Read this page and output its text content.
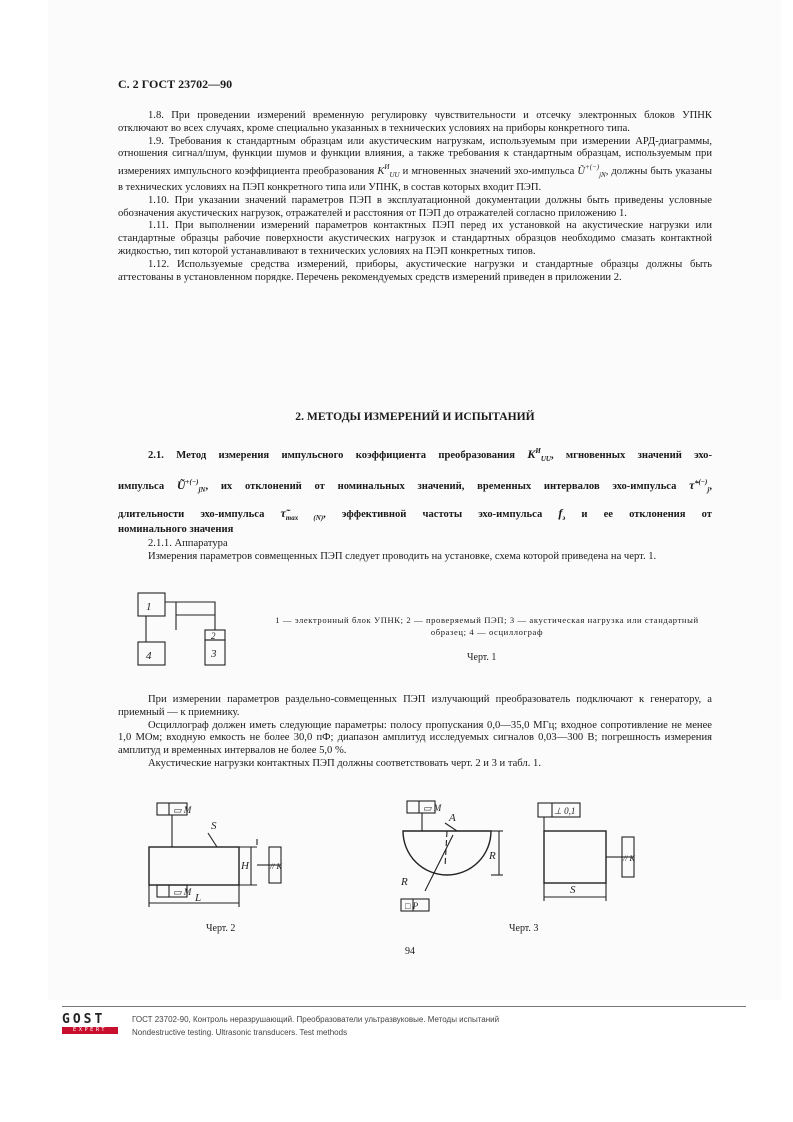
С. 2 ГОСТ 23702—90

1.8. При проведении измерений временную регулировку чувствительности и отсечку электронных блоков УПНК отключают во всех случаях, кроме специально указанных в технических условиях на приборы конкретного типа.

1.9. Требования к стандартным образцам или акустическим нагрузкам, используемым при измерении АРД-диаграммы, отношения сигнал/шум, функции шумов и функции влияния, а также требования к стандартным образцам, используемым при измерениях импульсного коэффициента преобразования $K^И_{UU}$ и мгновенных значений эхо-импульса $Ũ^{+(-)}_{jN}$, должны быть указаны в технических условиях на ПЭП конкретного типа или УПНК, в состав которых входит ПЭП.

1.10. При указании значений параметров ПЭП в эксплуатационной документации должны быть приведены условные обозначения акустических нагрузок, отражателей и расстояния от ПЭП до отражателей согласно приложению 1.

1.11. При выполнении измерений параметров контактных ПЭП перед их установкой на акустические нагрузки или стандартные образцы рабочие поверхности акустических нагрузок и стандартных образцов необходимо смазать контактной жидкостью, тип которой устанавливают в технических условиях на ПЭП конкретных типов.

1.12. Используемые средства измерений, приборы, акустические нагрузки и стандартные образцы должны быть аттестованы в установленном порядке. Перечень рекомендуемых средств измерений приведен в приложении 2.

2. МЕТОДЫ ИЗМЕРЕНИЙ И ИСПЫТАНИЙ
2.1. Метод измерения импульсного коэффициента преобразования $K^И_{UU}$, мгновенных значений эхо-
импульса $Ũ^{+(-)}_{jN}$, их отклонений от номинальных значений, временных интервалов эхо-импульса $\taũ^{+(-)}_j$,
длительности эхо-импульса $\taũ_{max (N)}$, эффективной частоты эхо-импульса $f_э$ и ее отклонения от
номинального значения

2.1.1. Аппаратура

Измерения параметров совмещенных ПЭП следует проводить на установке, схема которой приведена на черт. 1.

1
4
2
3
1 — электронный блок УПНК; 2 — проверяемый ПЭП; 3 — акустическая нагрузка или стандартный образец; 4 — осциллограф
Черт. 1

При измерении параметров раздельно-совмещенных ПЭП излучающий преобразователь подключают к генератору, а приемный — к приемнику.

Осциллограф должен иметь следующие параметры: полосу пропускания 0,0—35,0 МГц; входное сопротивление не менее 1,0 МОм; входную емкость не более 30,0 пФ; диапазон амплитуд исследуемых сигналов 0,03—300 В; погрешность измерения амплитуд и временных интервалов не более 5,0 %.

Акустические нагрузки контактных ПЭП должны соответствовать черт. 2 и 3 и табл. 1.

▭ M
▭ M
S
H
L
// K
Черт. 2
▭ M
A
R
R
□ P
⊥ 0,1
// K
S
Черт. 3
94
GOST
EXPERT
ГОСТ 23702-90, Контроль неразрушающий. Преобразователи ультразвуковые. Методы испытаний
Nondestructive testing. Ultrasonic transducers. Test methods
